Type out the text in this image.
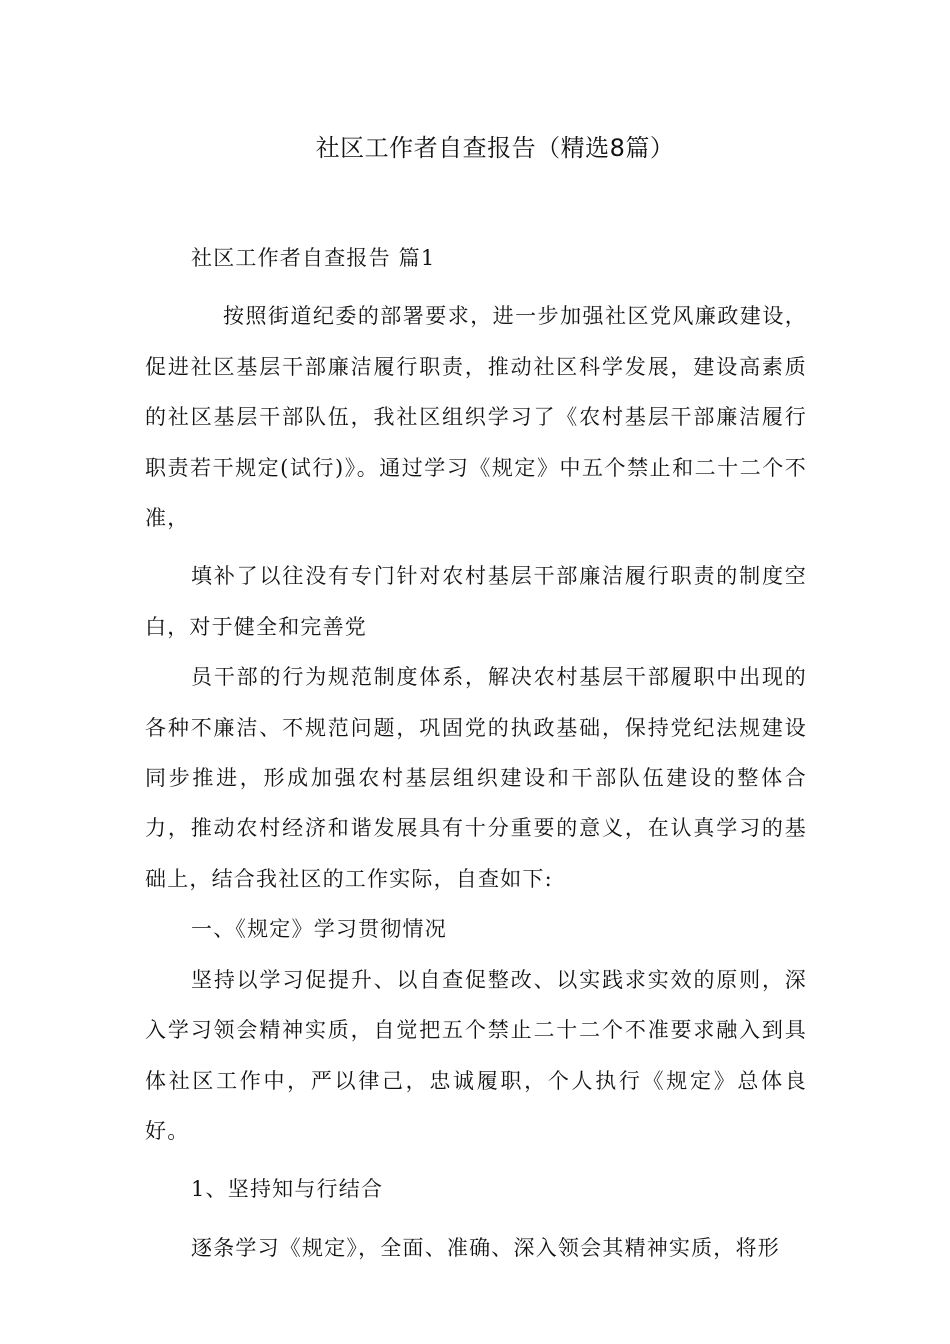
社区工作者自查报告（精选8篇）

社区工作者自查报告 篇1

按照街道纪委的部署要求，进一步加强社区党风廉政建设，促进社区基层干部廉洁履行职责，推动社区科学发展，建设高素质的社区基层干部队伍，我社区组织学习了《农村基层干部廉洁履行职责若干规定(试行)》。通过学习《规定》中五个禁止和二十二个不准，

填补了以往没有专门针对农村基层干部廉洁履行职责的制度空白，对于健全和完善党

员干部的行为规范制度体系，解决农村基层干部履职中出现的各种不廉洁、不规范问题，巩固党的执政基础，保持党纪法规建设同步推进，形成加强农村基层组织建设和干部队伍建设的整体合力，推动农村经济和谐发展具有十分重要的意义，在认真学习的基础上，结合我社区的工作实际，自查如下:

一、《规定》学习贯彻情况

坚持以学习促提升、以自查促整改、以实践求实效的原则，深入学习领会精神实质，自觉把五个禁止二十二个不准要求融入到具体社区工作中，严以律己，忠诚履职，个人执行《规定》总体良好。

1、坚持知与行结合

逐条学习《规定》，全面、准确、深入领会其精神实质，将形
